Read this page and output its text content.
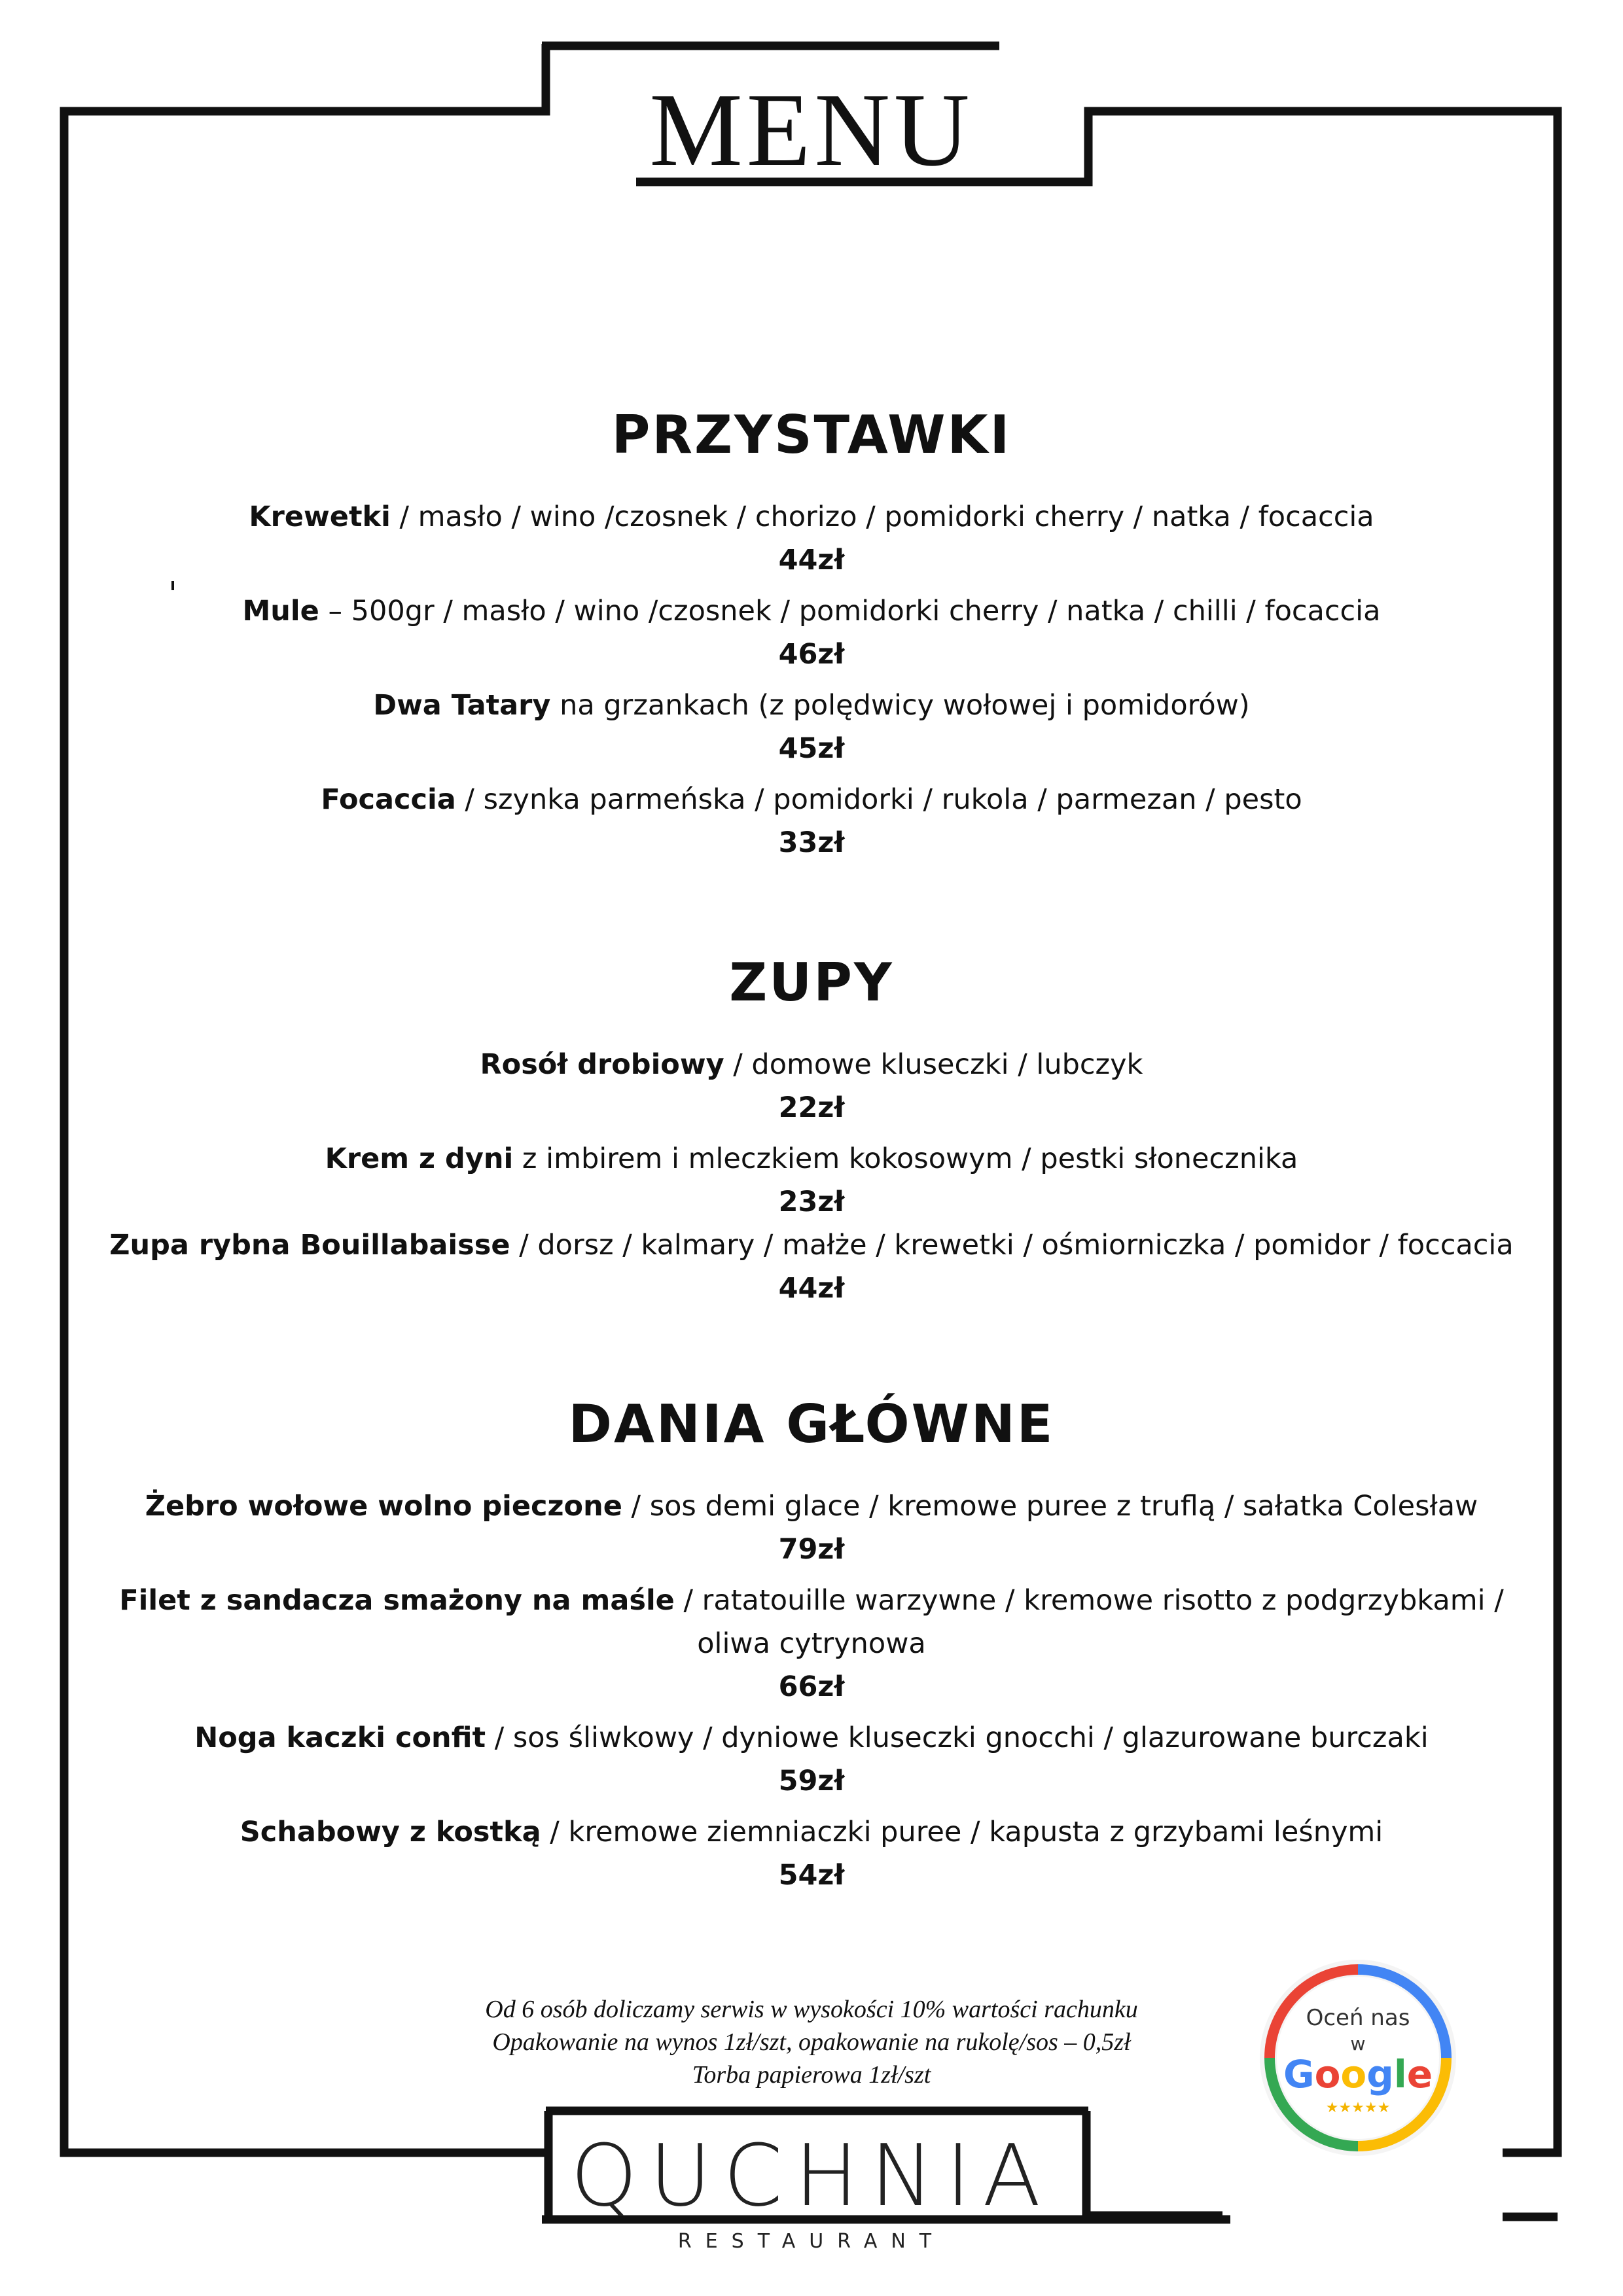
MENU
PRZYSTAWKI

Krewetki / masło / wino /czosnek / chorizo / pomidorki cherry / natka / focaccia

44zł

Mule – 500gr / masło / wino /czosnek / pomidorki cherry / natka / chilli / focaccia

46zł

Dwa Tatary na grzankach (z polędwicy wołowej i pomidorów)

45zł

Focaccia / szynka parmeńska / pomidorki / rukola / parmezan / pesto

33zł

ZUPY

Rosół drobiowy / domowe kluseczki / lubczyk

22zł

Krem z dyni z imbirem i mleczkiem kokosowym / pestki słonecznika

23zł

Zupa rybna Bouillabaisse / dorsz / kalmary / małże / krewetki / ośmiorniczka / pomidor / foccacia

44zł

DANIA GŁÓWNE

Żebro wołowe wolno pieczone / sos demi glace / kremowe puree z truflą / sałatka Colesław

79zł

Filet z sandacza smażony na maśle / ratatouille warzywne / kremowe risotto z podgrzybkami / oliwa cytrynowa

66zł

Noga kaczki confit / sos śliwkowy / dyniowe kluseczki gnocchi / glazurowane burczaki

59zł

Schabowy z kostką / kremowe ziemniaczki puree / kapusta z grzybami leśnymi

54zł

Od 6 osób doliczamy serwis w wysokości 10% wartości rachunku
Opakowanie na wynos 1zł/szt, opakowanie na rukolę/sos – 0,5zł
Torba papierowa 1zł/szt
Oceń nas
w
Google
★★★★★
QUCHNIA
RESTAURANT
